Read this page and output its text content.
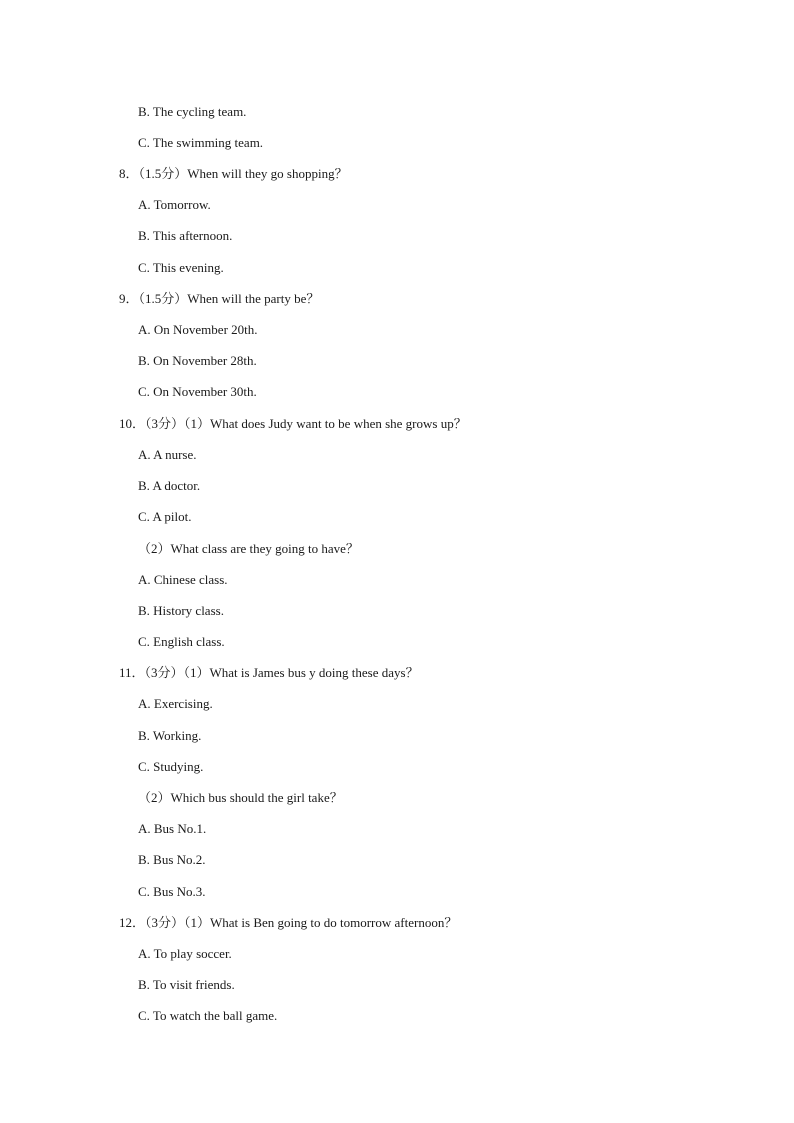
B. The cycling team.
C. The swimming team.
8．（1.5分）When will they go shopping？
A. Tomorrow.
B. This afternoon.
C. This evening.
9．（1.5分）When will the party be？
A. On November 20th.
B. On November 28th.
C. On November 30th.
10．（3分）（1）What does Judy want to be when she grows up？
A. A nurse.
B. A doctor.
C. A pilot.
（2）What class are they going to have？
A. Chinese class.
B. History class.
C. English class.
11．（3分）（1）What is James bus y doing these days？
A. Exercising.
B. Working.
C. Studying.
（2）Which bus should the girl take？
A. Bus No.1.
B. Bus No.2.
C. Bus No.3.
12．（3分）（1）What is Ben going to do tomorrow afternoon？
A. To play soccer.
B. To visit friends.
C. To watch the ball game.
